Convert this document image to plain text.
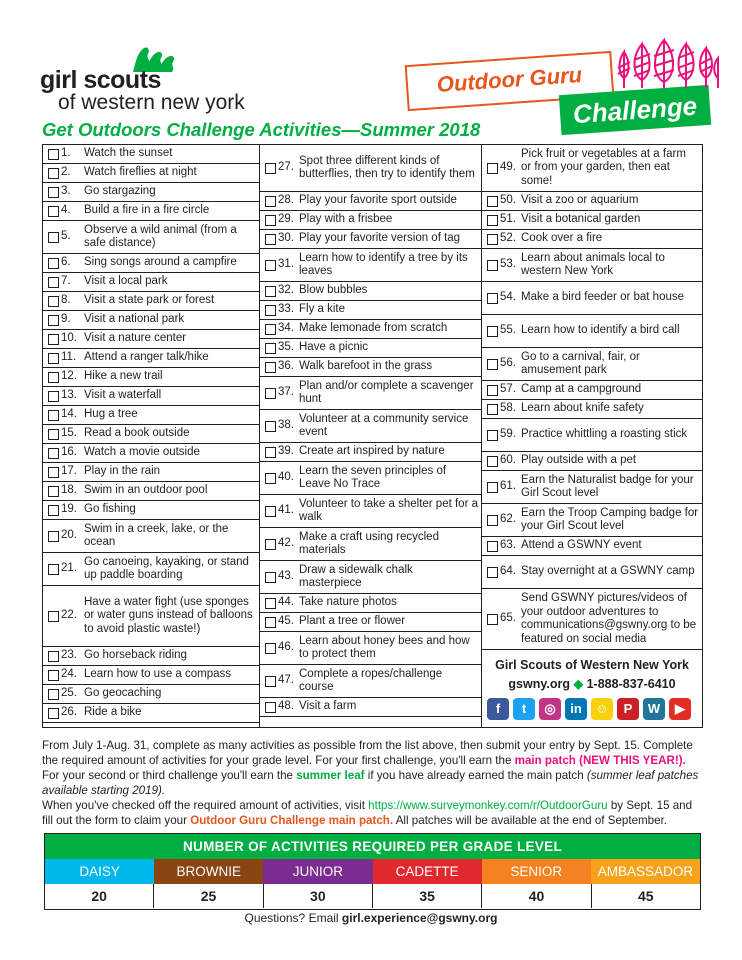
girl scouts
of western new york
Outdoor Guru
Challenge
Get Outdoors Challenge Activities—Summer 2018
1.	Watch the sunset
2.	Watch fireflies at night
3.	Go stargazing
4.	Build a fire in a fire circle
5.
Observe a wild animal (from a safe distance)
6.	Sing songs around a campfire
7.	Visit a local park
8.	Visit a state park or forest
9.	Visit a national park
10. Visit a nature center
11. Attend a ranger talk/hike
12. Hike a new trail
13. Visit a waterfall
14. Hug a tree
15. Read a book outside
16. Watch a movie outside
17. Play in the rain
18. Swim in an outdoor pool
19. Go fishing
20.
Swim in a creek, lake, or the ocean
21.
Go canoeing, kayaking, or stand up paddle boarding
22.
Have a water fight (use sponges or water guns instead of balloons to avoid plastic waste!)
23. Go horseback riding
24. Learn how to use a compass
25. Go geocaching
26. Ride a bike
27.
Spot three different kinds of butterflies, then try to identify them
28. Play your favorite sport outside
29. Play with a frisbee
30. Play your favorite version of tag
31.
Learn how to identify a tree by its leaves
32. Blow bubbles
33. Fly a kite
34. Make lemonade from scratch
35. Have a picnic
36. Walk barefoot in the grass
37.
Plan and/or complete a scavenger hunt
38.
Volunteer at a community service event
39. Create art inspired by nature
40.
Learn the seven principles of Leave No Trace
41.
Volunteer to take a shelter pet for a walk
42.
Make a craft using recycled materials
43.
Draw a sidewalk chalk masterpiece
44. Take nature photos
45. Plant a tree or flower
46.
Learn about honey bees and how to protect them
47.
Complete a ropes/challenge course
48. Visit a farm
49.
Pick fruit or vegetables at a farm or from your garden, then eat some!
50. Visit a zoo or aquarium
51. Visit a botanical garden
52. Cook over a fire
53.
Learn about animals local to western New York
54. Make a bird feeder or bat house
55. Learn how to identify a bird call
56.
Go to a carnival, fair, or amusement park
57. Camp at a campground
58. Learn about knife safety
59. Practice whittling a roasting stick
60. Play outside with a pet
61.
Earn the Naturalist badge for your Girl Scout level
62.
Earn the Troop Camping badge for your Girl Scout level
63. Attend a GSWNY event
64. Stay overnight at a GSWNY camp
65.
Send GSWNY pictures/videos of your outdoor adventures to communications@gswny.org to be featured on social media
Girl Scouts of Western New York
gswny.org ◆ 1-888-837-6410
f	t	◎	in	☺	P	W	▶
From July 1-Aug. 31, complete as many activities as possible from the list above, then submit your entry by Sept. 15. Complete the required amount of activities for your grade level. For your first challenge, you'll earn the main patch (NEW THIS YEAR!). For your second or third challenge you'll earn the summer leaf if you have already earned the main patch (summer leaf patches available starting 2019).
When you've checked off the required amount of activities, visit https://www.surveymonkey.com/r/OutdoorGuru by Sept. 15 and fill out the form to claim your Outdoor Guru Challenge main patch. All patches will be available at the end of September.
NUMBER OF ACTIVITIES REQUIRED PER GRADE LEVEL
DAISY	BROWNIE	JUNIOR	CADETTE	SENIOR	AMBASSADOR
20	25	30	35	40	45
Questions? Email girl.experience@gswny.org
